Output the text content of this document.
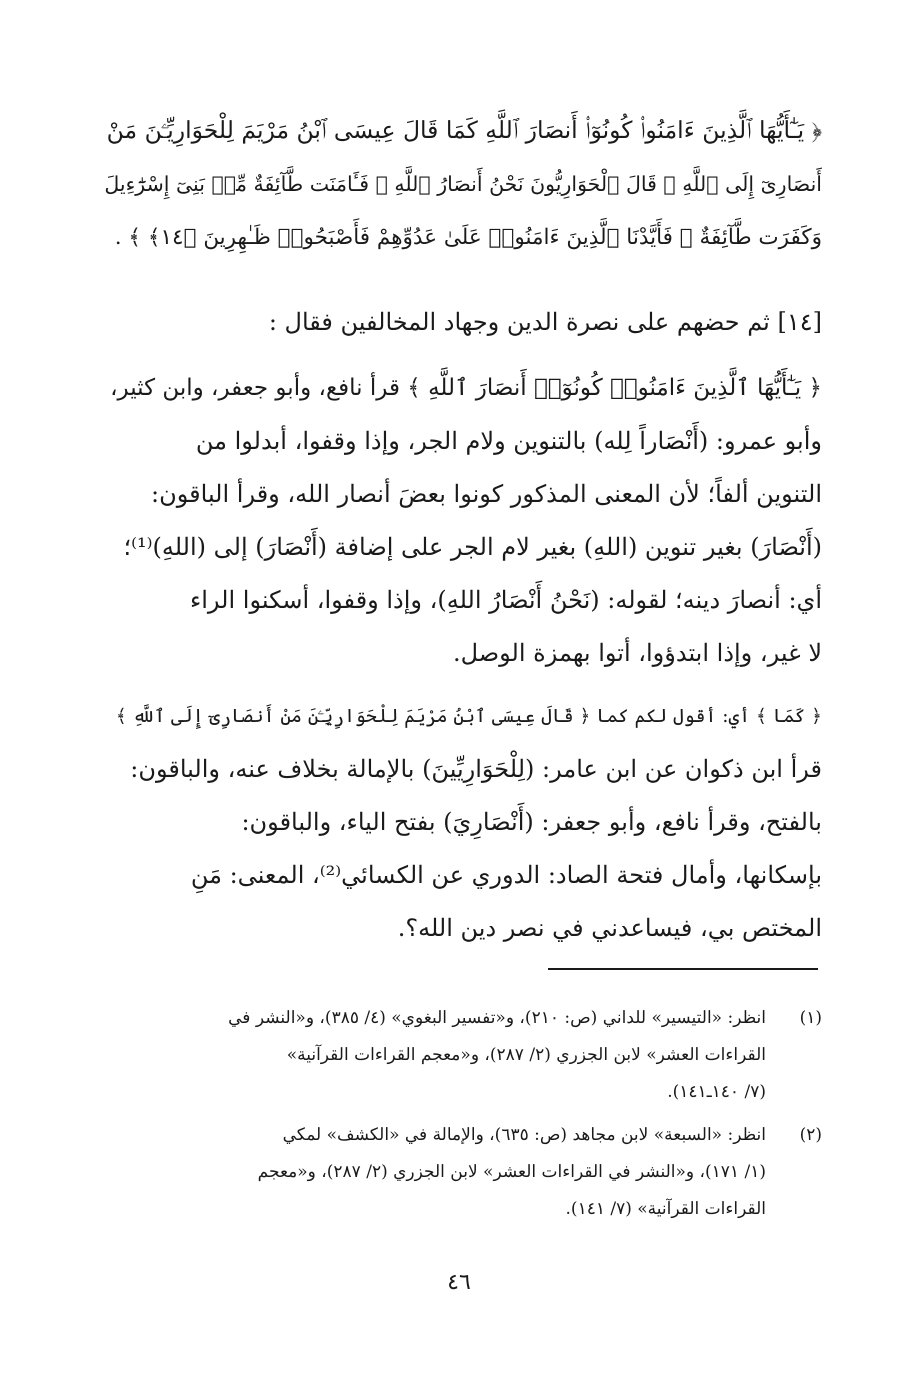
﴿ يَـٰٓأَيُّهَا ٱلَّذِينَ ءَامَنُوا۟ كُونُوٓا۟ أَنصَارَ ٱللَّهِ كَمَا قَالَ عِيسَى ٱبْنُ مَرْيَمَ لِلْحَوَارِيِّـۧنَ مَنْ
أَنصَارِىٓ إِلَى ٱللَّهِ ۖ قَالَ ٱلْحَوَارِيُّونَ نَحْنُ أَنصَارُ ٱللَّهِ ۖ فَـَٔامَنَت طَّآئِفَةٌ مِّنۢ بَنِىٓ إِسْرَٰٓءِيلَ
وَكَفَرَت طَّآئِفَةٌ ۖ فَأَيَّدْنَا ٱلَّذِينَ ءَامَنُوا۟ عَلَىٰ عَدُوِّهِمْ فَأَصْبَحُوا۟ ظَـٰهِرِينَ ﴿١٤﴾ ﴾ .
[١٤] ثم حضهم على نصرة الدين وجهاد المخالفين فقال :
﴿ يَـٰٓأَيُّهَا ٱلَّذِينَ ءَامَنُوا۟ كُونُوٓا۟ أَنصَارَ ٱللَّهِ ﴾ قرأ نافع، وأبو جعفر، وابن كثير،
وأبو عمرو: (أَنْصَاراً لِله) بالتنوين ولام الجر، وإذا وقفوا، أبدلوا من
التنوين ألفاً؛ لأن المعنى المذكور كونوا بعضَ أنصار الله، وقرأ الباقون:
(أَنْصَارَ) بغير تنوين (اللهِ) بغير لام الجر على إضافة (أَنْصَارَ) إلى (اللهِ)⁽¹⁾؛
أي: أنصارَ دينه؛ لقوله: (نَحْنُ أَنْصَارُ اللهِ)، وإذا وقفوا، أسكنوا الراء
لا غير، وإذا ابتدؤوا، أتوا بهمزة الوصل.
﴿ كَمَا ﴾ أي: أقول لكم كما ﴿ قَالَ عِيسَى ٱبْنُ مَرْيَمَ لِلْحَوَارِيِّـۧنَ مَنْ أَنصَارِىٓ إِلَى ٱللَّهِ ﴾
قرأ ابن ذكوان عن ابن عامر: (لِلْحَوَارِيِّينَ) بالإمالة بخلاف عنه، والباقون:
بالفتح، وقرأ نافع، وأبو جعفر: (أَنْصَارِيَ) بفتح الياء، والباقون:
بإسكانها، وأمال فتحة الصاد: الدوري عن الكسائي⁽²⁾، المعنى: مَنِ
المختص بي، فيساعدني في نصر دين الله؟.
(١)
انظر: «التيسير» للداني (ص: ٢١٠)، و«تفسير البغوي» (٤/ ٣٨٥)، و«النشر في
القراءات العشر» لابن الجزري (٢/ ٢٨٧)، و«معجم القراءات القرآنية»
(٧/ ١٤٠ـ١٤١).
(٢)
انظر: «السبعة» لابن مجاهد (ص: ٦٣٥)، والإمالة في «الكشف» لمكي
(١/ ١٧١)، و«النشر في القراءات العشر» لابن الجزري (٢/ ٢٨٧)، و«معجم
القراءات القرآنية» (٧/ ١٤١).
٤٦
